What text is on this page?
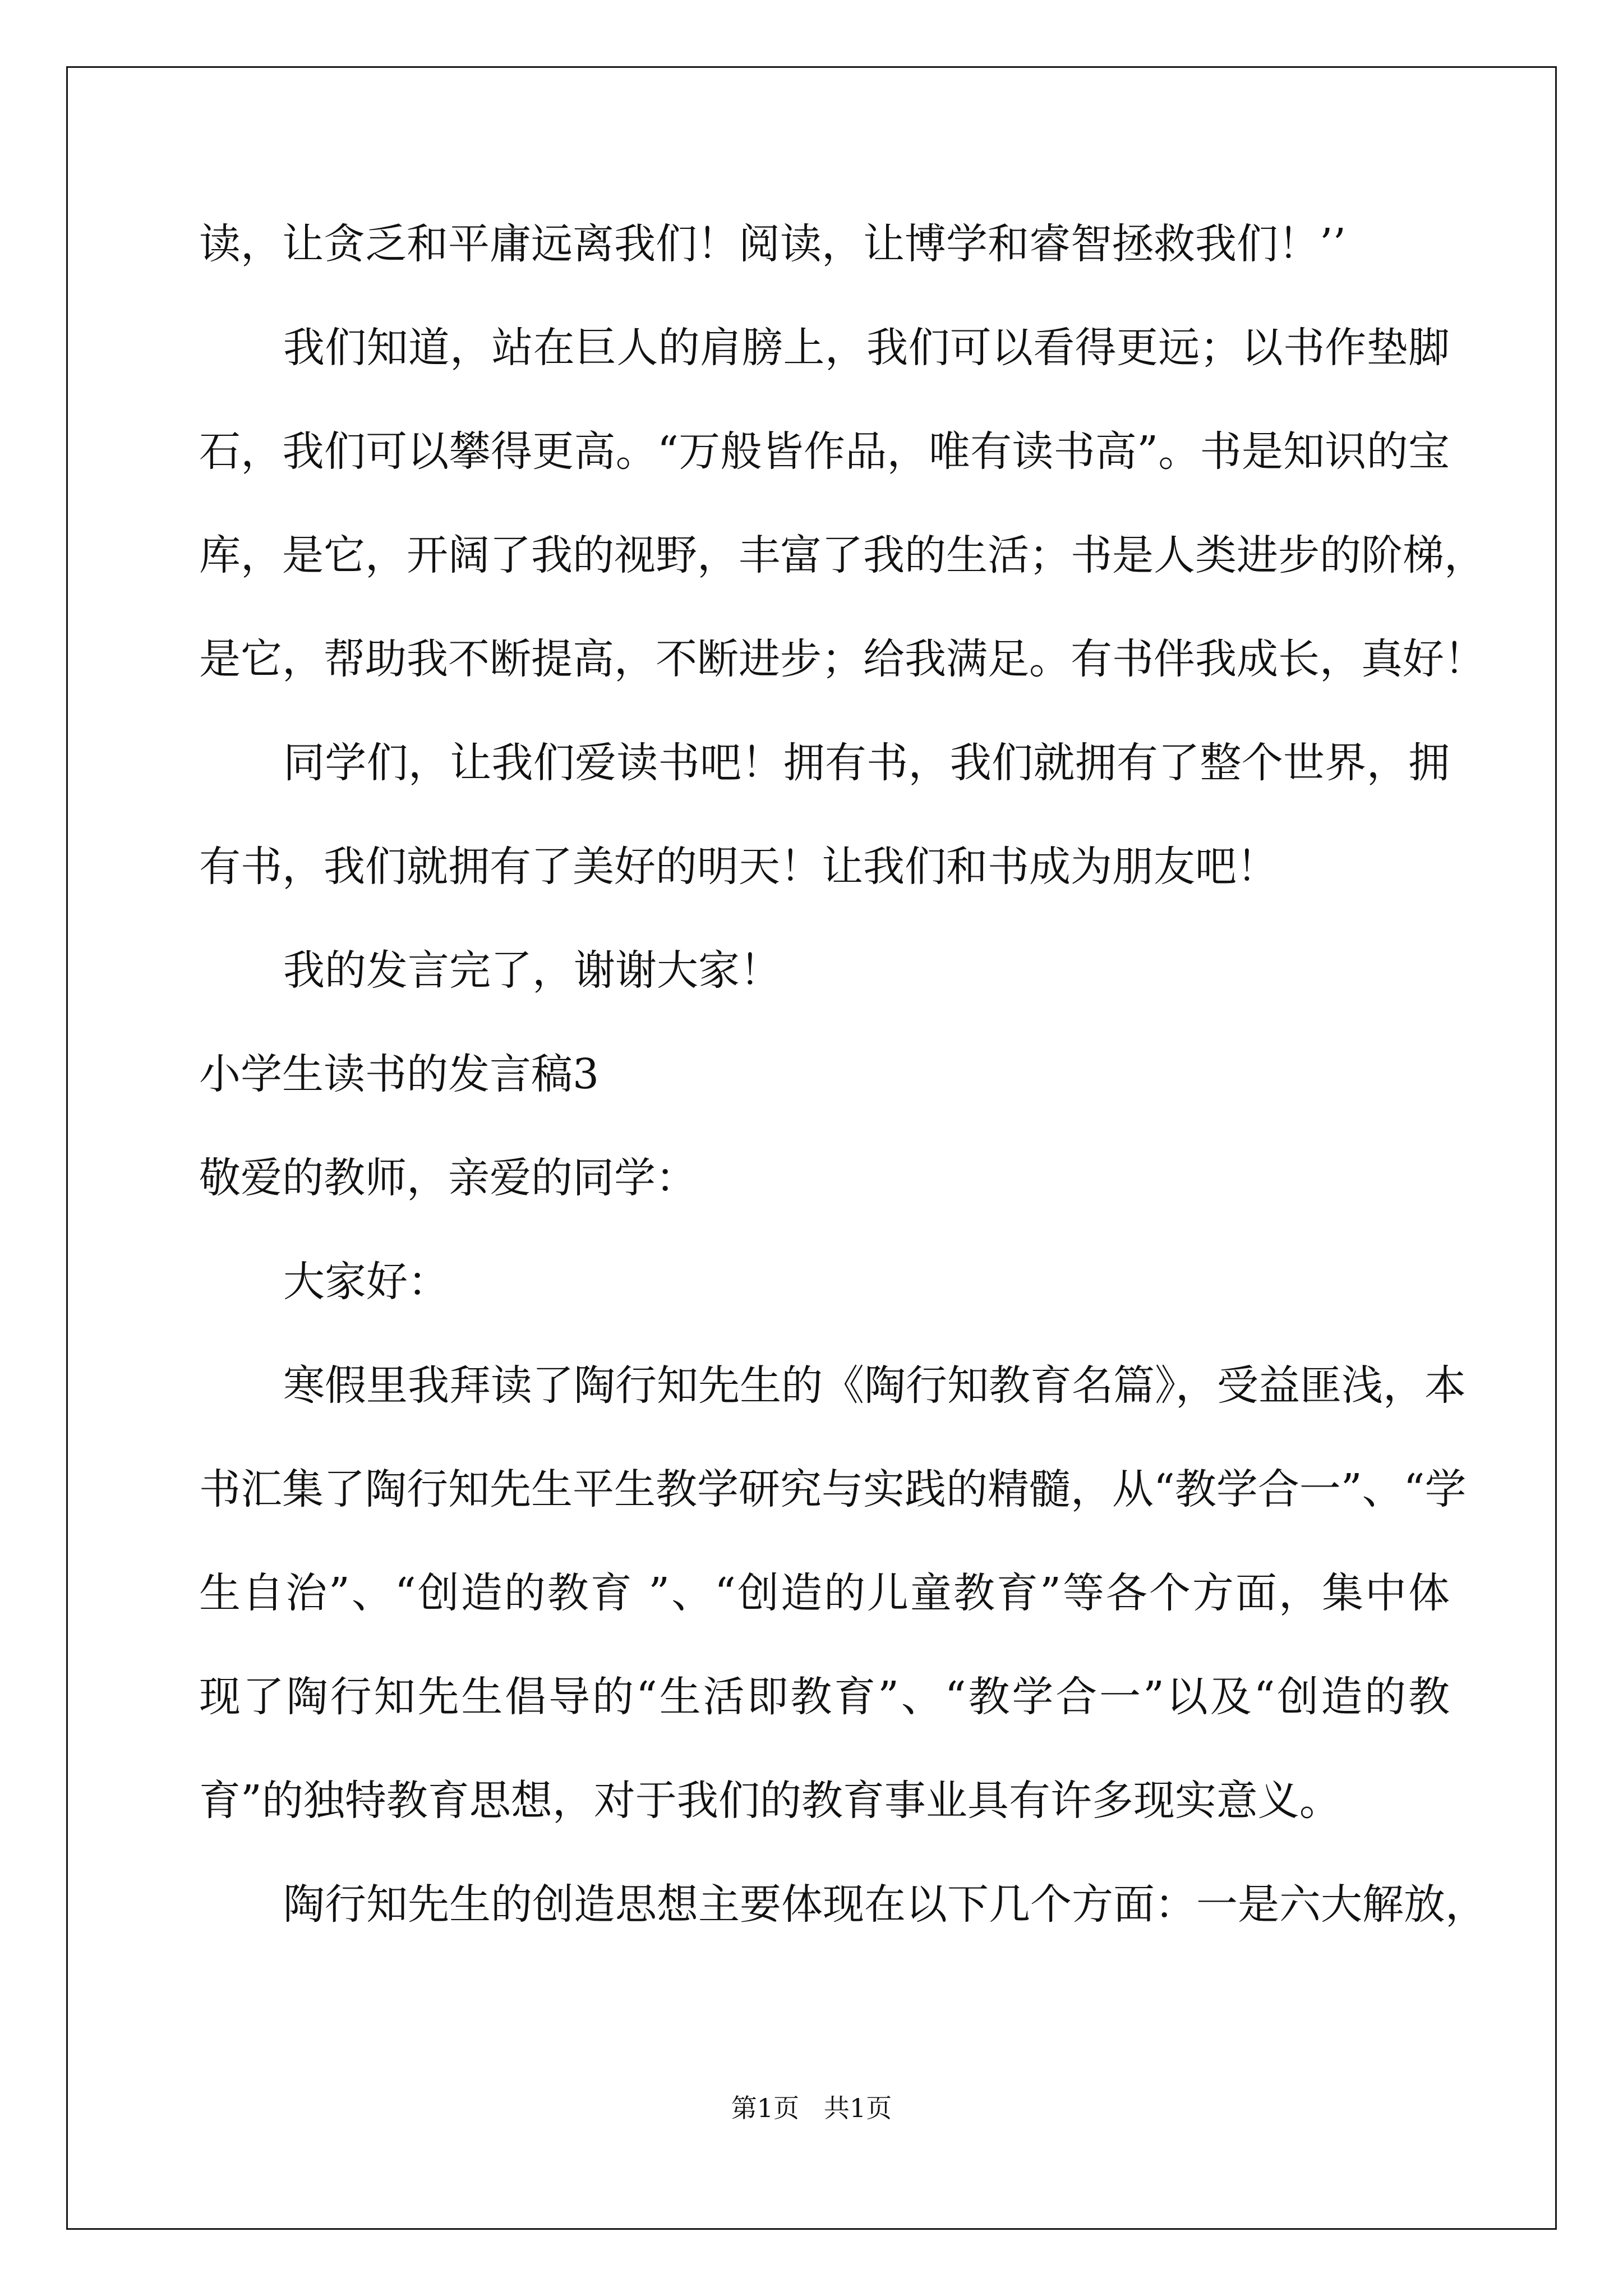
读，让贪乏和平庸远离我们！阅读，让博学和睿智拯救我们！’’

我们知道，站在巨人的肩膀上，我们可以看得更远；以书作垫脚

石，我们可以攀得更高。“万般皆作品，唯有读书高”。书是知识的宝

库，是它，开阔了我的视野，丰富了我的生活；书是人类进步的阶梯，

是它，帮助我不断提高，不断进步；给我满足。有书伴我成长，真好！

同学们，让我们爱读书吧！拥有书，我们就拥有了整个世界，拥

有书，我们就拥有了美好的明天！让我们和书成为朋友吧！

我的发言完了，谢谢大家！

小学生读书的发言稿3

敬爱的教师，亲爱的同学：

大家好：

寒假里我拜读了陶行知先生的《陶行知教育名篇》，受益匪浅，本

书汇集了陶行知先生平生教学研究与实践的精髓，从“教学合一”、“学

生自治”、“创造的教育 ”、“创造的儿童教育”等各个方面，集中体

现了陶行知先生倡导的“生活即教育”、“教学合一”以及“创造的教

育”的独特教育思想，对于我们的教育事业具有许多现实意义。

陶行知先生的创造思想主要体现在以下几个方面：一是六大解放，

第1页   共1页
